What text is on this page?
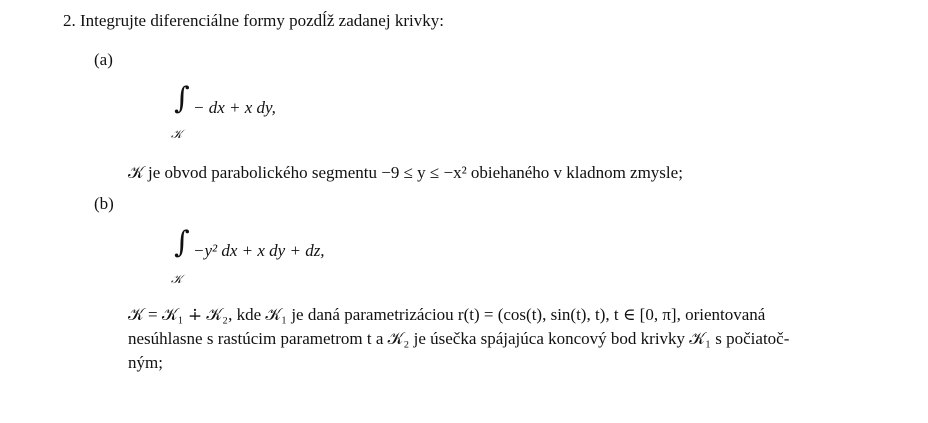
2. Integrujte diferenciálne formy pozdĺž zadanej krivky:
(a)
∫
𝒦
− dx + x dy,
𝒦 je obvod parabolického segmentu −9 ≤ y ≤ −x² obiehaného v kladnom zmysle;
(b)
∫
𝒦
−y² dx + x dy + dz,
𝒦 = 𝒦₁ ∔ 𝒦₂, kde 𝒦₁ je daná parametrizáciou r(t) = (cos(t), sin(t), t), t ∈ [0, π], orientovaná
nesúhlasne s rastúcim parametrom t a 𝒦₂ je úsečka spájajúca koncový bod krivky 𝒦₁ s počiatoč-
ným;
